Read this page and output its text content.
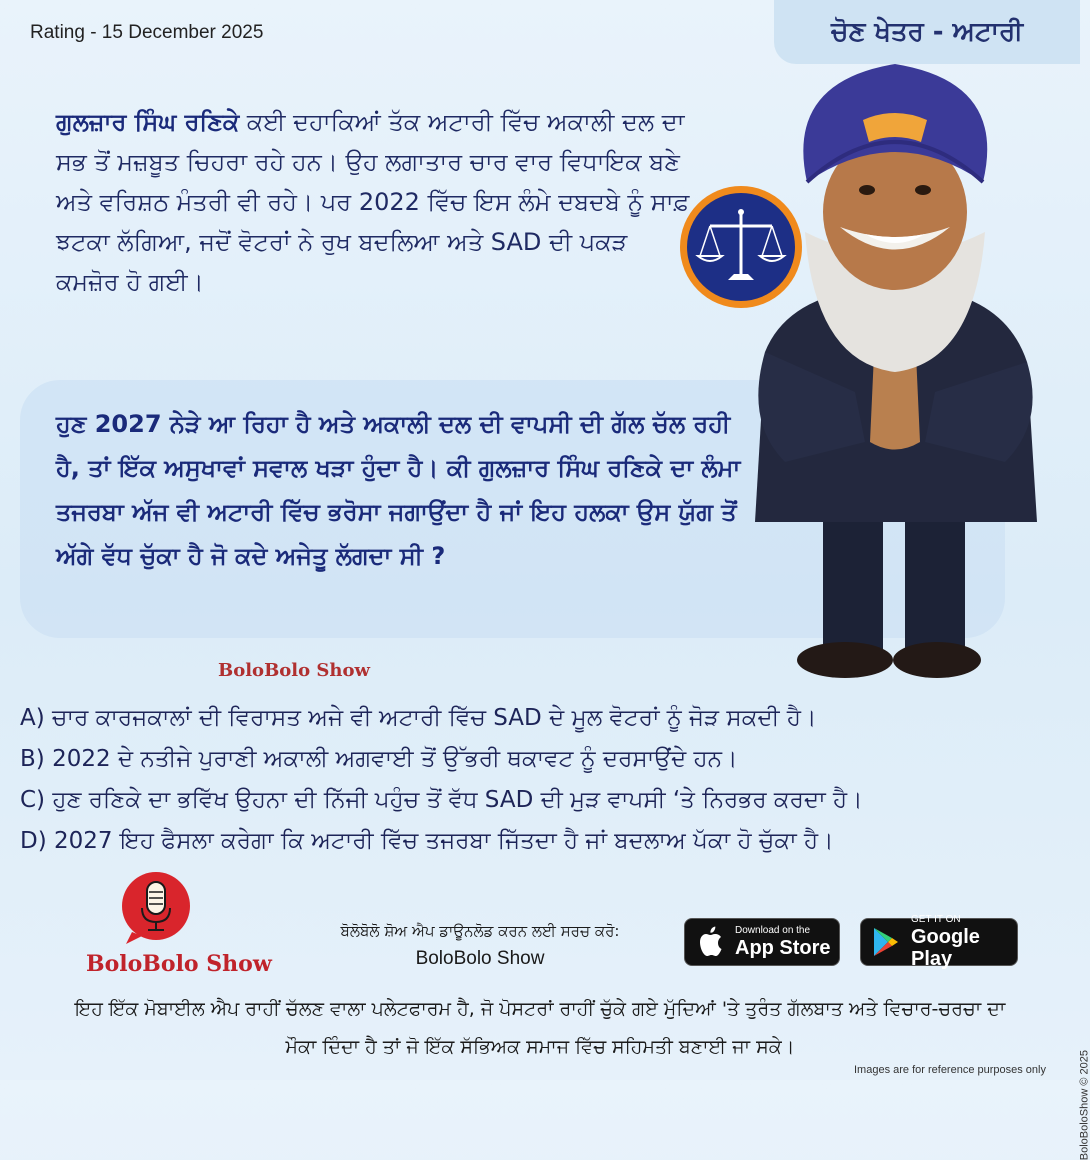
Rating - 15 December 2025	ਚੋਣ ਖੇਤਰ - ਅਟਾਰੀ
ਗੁਲਜ਼ਾਰ ਸਿੰਘ ਰਣਿਕੇ ਕਈ ਦਹਾਕਿਆਂ ਤੱਕ ਅਟਾਰੀ ਵਿੱਚ ਅਕਾਲੀ ਦਲ ਦਾ ਸਭ ਤੋਂ ਮਜ਼ਬੂਤ ਚਿਹਰਾ ਰਹੇ ਹਨ। ਉਹ ਲਗਾਤਾਰ ਚਾਰ ਵਾਰ ਵਿਧਾਇਕ ਬਣੇ ਅਤੇ ਵਰਿਸ਼ਠ ਮੰਤਰੀ ਵੀ ਰਹੇ। ਪਰ 2022 ਵਿੱਚ ਇਸ ਲੰਮੇ ਦਬਦਬੇ ਨੂੰ ਸਾਫ਼ ਝਟਕਾ ਲੱਗਿਆ, ਜਦੋਂ ਵੋਟਰਾਂ ਨੇ ਰੁਖ ਬਦਲਿਆ ਅਤੇ SAD ਦੀ ਪਕੜ ਕਮਜ਼ੋਰ ਹੋ ਗਈ।
ਹੁਣ 2027 ਨੇੜੇ ਆ ਰਿਹਾ ਹੈ ਅਤੇ ਅਕਾਲੀ ਦਲ ਦੀ ਵਾਪਸੀ ਦੀ ਗੱਲ ਚੱਲ ਰਹੀ ਹੈ, ਤਾਂ ਇੱਕ ਅਸੁਖਾਵਾਂ ਸਵਾਲ ਖੜਾ ਹੁੰਦਾ ਹੈ। ਕੀ ਗੁਲਜ਼ਾਰ ਸਿੰਘ ਰਣਿਕੇ ਦਾ ਲੰਮਾ ਤਜਰਬਾ ਅੱਜ ਵੀ ਅਟਾਰੀ ਵਿੱਚ ਭਰੋਸਾ ਜਗਾਉਂਦਾ ਹੈ ਜਾਂ ਇਹ ਹਲਕਾ ਉਸ ਯੁੱਗ ਤੋਂ ਅੱਗੇ ਵੱਧ ਚੁੱਕਾ ਹੈ ਜੋ ਕਦੇ ਅਜੇਤੂ ਲੱਗਦਾ ਸੀ ?
BoloBolo Show
A) ਚਾਰ ਕਾਰਜਕਾਲਾਂ ਦੀ ਵਿਰਾਸਤ ਅਜੇ ਵੀ ਅਟਾਰੀ ਵਿੱਚ SAD ਦੇ ਮੂਲ ਵੋਟਰਾਂ ਨੂੰ ਜੋੜ ਸਕਦੀ ਹੈ।
B) 2022 ਦੇ ਨਤੀਜੇ ਪੁਰਾਣੀ ਅਕਾਲੀ ਅਗਵਾਈ ਤੋਂ ਉੱਭਰੀ ਥਕਾਵਟ ਨੂੰ ਦਰਸਾਉਂਦੇ ਹਨ।
C) ਹੁਣ ਰਣਿਕੇ ਦਾ ਭਵਿੱਖ ਉਹਨਾ ਦੀ ਨਿੱਜੀ ਪਹੁੰਚ ਤੋਂ ਵੱਧ SAD ਦੀ ਮੁੜ ਵਾਪਸੀ ‘ਤੇ ਨਿਰਭਰ ਕਰਦਾ ਹੈ।
D) 2027 ਇਹ ਫੈਸਲਾ ਕਰੇਗਾ ਕਿ ਅਟਾਰੀ ਵਿੱਚ ਤਜਰਬਾ ਜਿੱਤਦਾ ਹੈ ਜਾਂ ਬਦਲਾਅ ਪੱਕਾ ਹੋ ਚੁੱਕਾ ਹੈ।
BoloBolo Show
ਬੋਲੋਬੋਲੋ ਸ਼ੋਅ ਐਪ ਡਾਊਨਲੋਡ ਕਰਨ ਲਈ ਸਰਚ ਕਰੋ:
BoloBolo Show
Download on the
App Store
GET IT ON
Google Play
ਇਹ ਇੱਕ ਮੋਬਾਈਲ ਐਪ ਰਾਹੀਂ ਚੱਲਣ ਵਾਲਾ ਪਲੇਟਫਾਰਮ ਹੈ, ਜੋ ਪੋਸਟਰਾਂ ਰਾਹੀਂ ਚੁੱਕੇ ਗਏ ਮੁੱਦਿਆਂ 'ਤੇ ਤੁਰੰਤ ਗੱਲਬਾਤ ਅਤੇ ਵਿਚਾਰ-ਚਰਚਾ ਦਾ ਮੌਕਾ ਦਿੰਦਾ ਹੈ ਤਾਂ ਜੋ ਇੱਕ ਸੱਭਿਅਕ ਸਮਾਜ ਵਿੱਚ ਸਹਿਮਤੀ ਬਣਾਈ ਜਾ ਸਕੇ।
BoloBoloShow © 2025
Images are for reference purposes only
